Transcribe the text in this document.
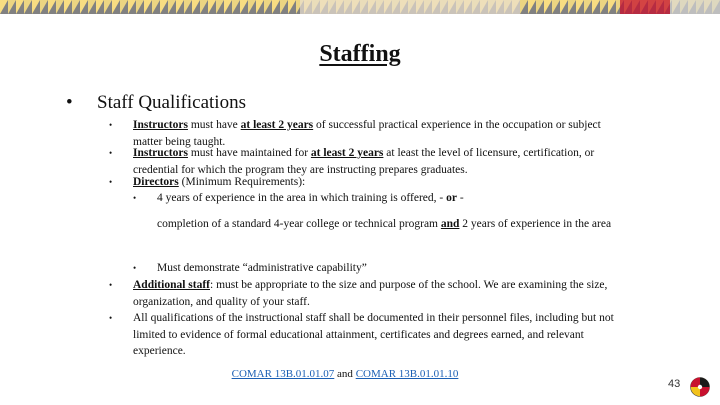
Staffing
• Staff Qualifications
• Instructors must have at least 2 years of successful practical experience in the occupation or subject matter being taught.
• Instructors must have maintained for at least 2 years at least the level of licensure, certification, or credential for which the program they are instructing prepares graduates.
• Directors (Minimum Requirements):
• 4 years of experience in the area in which training is offered, - or -
completion of a standard 4-year college or technical program and 2 years of experience in the area
• Must demonstrate “administrative capability”
• Additional staff: must be appropriate to the size and purpose of the school. We are examining the size, organization, and quality of your staff.
• All qualifications of the instructional staff shall be documented in their personnel files, including but not limited to evidence of formal educational attainment, certificates and degrees earned, and relevant experience.
COMAR 13B.01.01.07 and COMAR 13B.01.01.10
43
